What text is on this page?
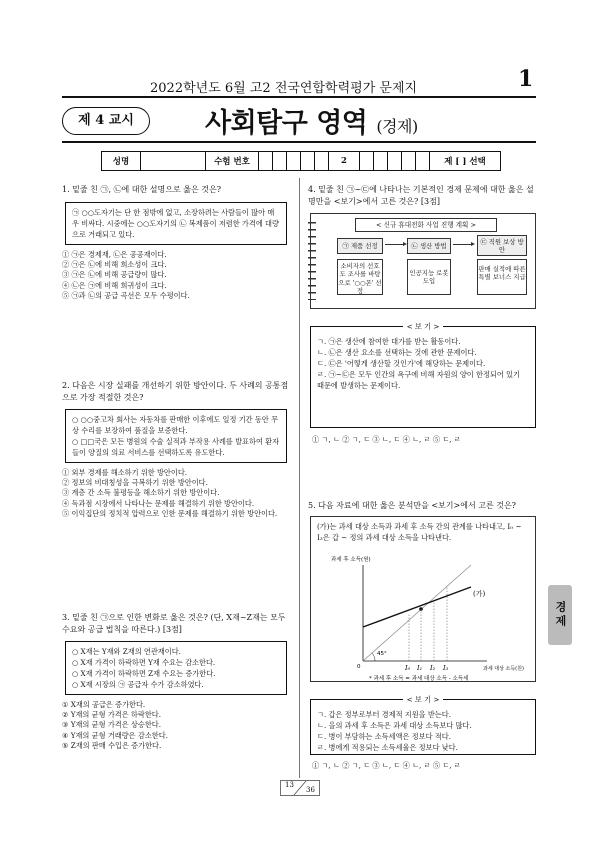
2022학년도 6월 고2 전국연합학력평가 문제지	1
제 4 교시	사회탐구 영역 (경제)
성명	수험 번호	2	제 [ ] 선택

1. 밑줄 친 ㉠, ㉡에 대한 설명으로 옳은 것은?

㉠ ○○도자기는 단 한 점밖에 없고, 소장하려는 사람들이 많아 매우 비싸다. 시중에는 ○○도자기의 ㉡ 복제품이 저렴한 가격에 대량으로 거래되고 있다.

① ㉠은 경제재, ㉡은 공공재이다.

② ㉠은 ㉡에 비해 희소성이 크다.

③ ㉠은 ㉡에 비해 공급량이 많다.

④ ㉡은 ㉠에 비해 희귀성이 크다.

⑤ ㉠과 ㉡의 공급 곡선은 모두 수평이다.

2. 다음은 시장 실패를 개선하기 위한 방안이다. 두 사례의 공통점으로 가장 적절한 것은?

○ ○○중고차 회사는 자동차를 판매한 이후에도 일정 기간 동안 무상 수리를 보장하여 품질을 보증한다.
○ □□국은 모든 병원의 수술 실적과 부작용 사례를 발표하여 환자들이 양질의 의료 서비스를 선택하도록 유도한다.

① 외부 경제를 해소하기 위한 방안이다.

② 정보의 비대칭성을 극복하기 위한 방안이다.

③ 계층 간 소득 불평등을 해소하기 위한 방안이다.

④ 독과점 시장에서 나타나는 문제를 해결하기 위한 방안이다.

⑤ 이익집단의 정치적 압력으로 인한 문제를 해결하기 위한 방안이다.

3. 밑줄 친 ㉠으로 인한 변화로 옳은 것은? (단, X재~Z재는 모두 수요와 공급 법칙을 따른다.) [3점]

○ X재는 Y재와 Z재의 연관재이다.
○ X재 가격이 하락하면 Y재 수요는 감소한다.
○ X재 가격이 하락하면 Z재 수요는 증가한다.
○ X재 시장의 ㉠ 공급자 수가 감소하였다.

① X재의 공급은 증가한다.

② Y재의 균형 가격은 하락한다.

③ Y재의 균형 가격은 상승한다.

④ Y재의 균형 거래량은 감소한다.

⑤ Z재의 판매 수입은 증가한다.

4. 밑줄 친 ㉠~㉢에 나타나는 기본적인 경제 문제에 대한 옳은 설명만을 <보기>에서 고른 것은? [3점]

< 신규 휴대전화 사업 진행 계획 >
㉠ 제품 선정
소비자의 선호도 조사를 바탕으로 '○○폰' 선정
㉡ 생산 방법
인공지능 로봇 도입
㉢ 직원 보상 방안
판매 실적에 따른 특별 보너스 지급
< 보 기 >
ㄱ. ㉠은 생산에 참여한 대가를 받는 활동이다.
ㄴ. ㉡은 생산 요소를 선택하는 것에 관한 문제이다.
ㄷ. ㉢은 '어떻게 생산할 것인가'에 해당하는 문제이다.
ㄹ. ㉠~㉢은 모두 인간의 욕구에 비해 자원의 양이 한정되어 있기 때문에 발생하는 문제이다.
① ㄱ, ㄴ ② ㄱ, ㄷ ③ ㄴ, ㄷ ④ ㄴ, ㄹ ⑤ ㄷ, ㄹ

5. 다음 자료에 대한 옳은 분석만을 <보기>에서 고른 것은?

(가)는 과세 대상 소득과 과세 후 소득 간의 관계를 나타내고, I₀ ~ I₃은 갑 ~ 정의 과세 대상 소득을 나타낸다.
45°
과세 후 소득(원)
(가)
0	I₀ I₁ I₂ I₃	과세 대상 소득(원)
* 과세 후 소득 = 과세 대상 소득 - 소득세
< 보 기 >
ㄱ. 갑은 정부로부터 경제적 지원을 받는다.
ㄴ. 을의 과세 후 소득은 과세 대상 소득보다 많다.
ㄷ. 병이 부담하는 소득세액은 정보다 적다.
ㄹ. 병에게 적용되는 소득세율은 정보다 낮다.
① ㄱ, ㄴ ② ㄱ, ㄷ ③ ㄴ, ㄷ ④ ㄴ, ㄹ ⑤ ㄷ, ㄹ
경제
13
36
